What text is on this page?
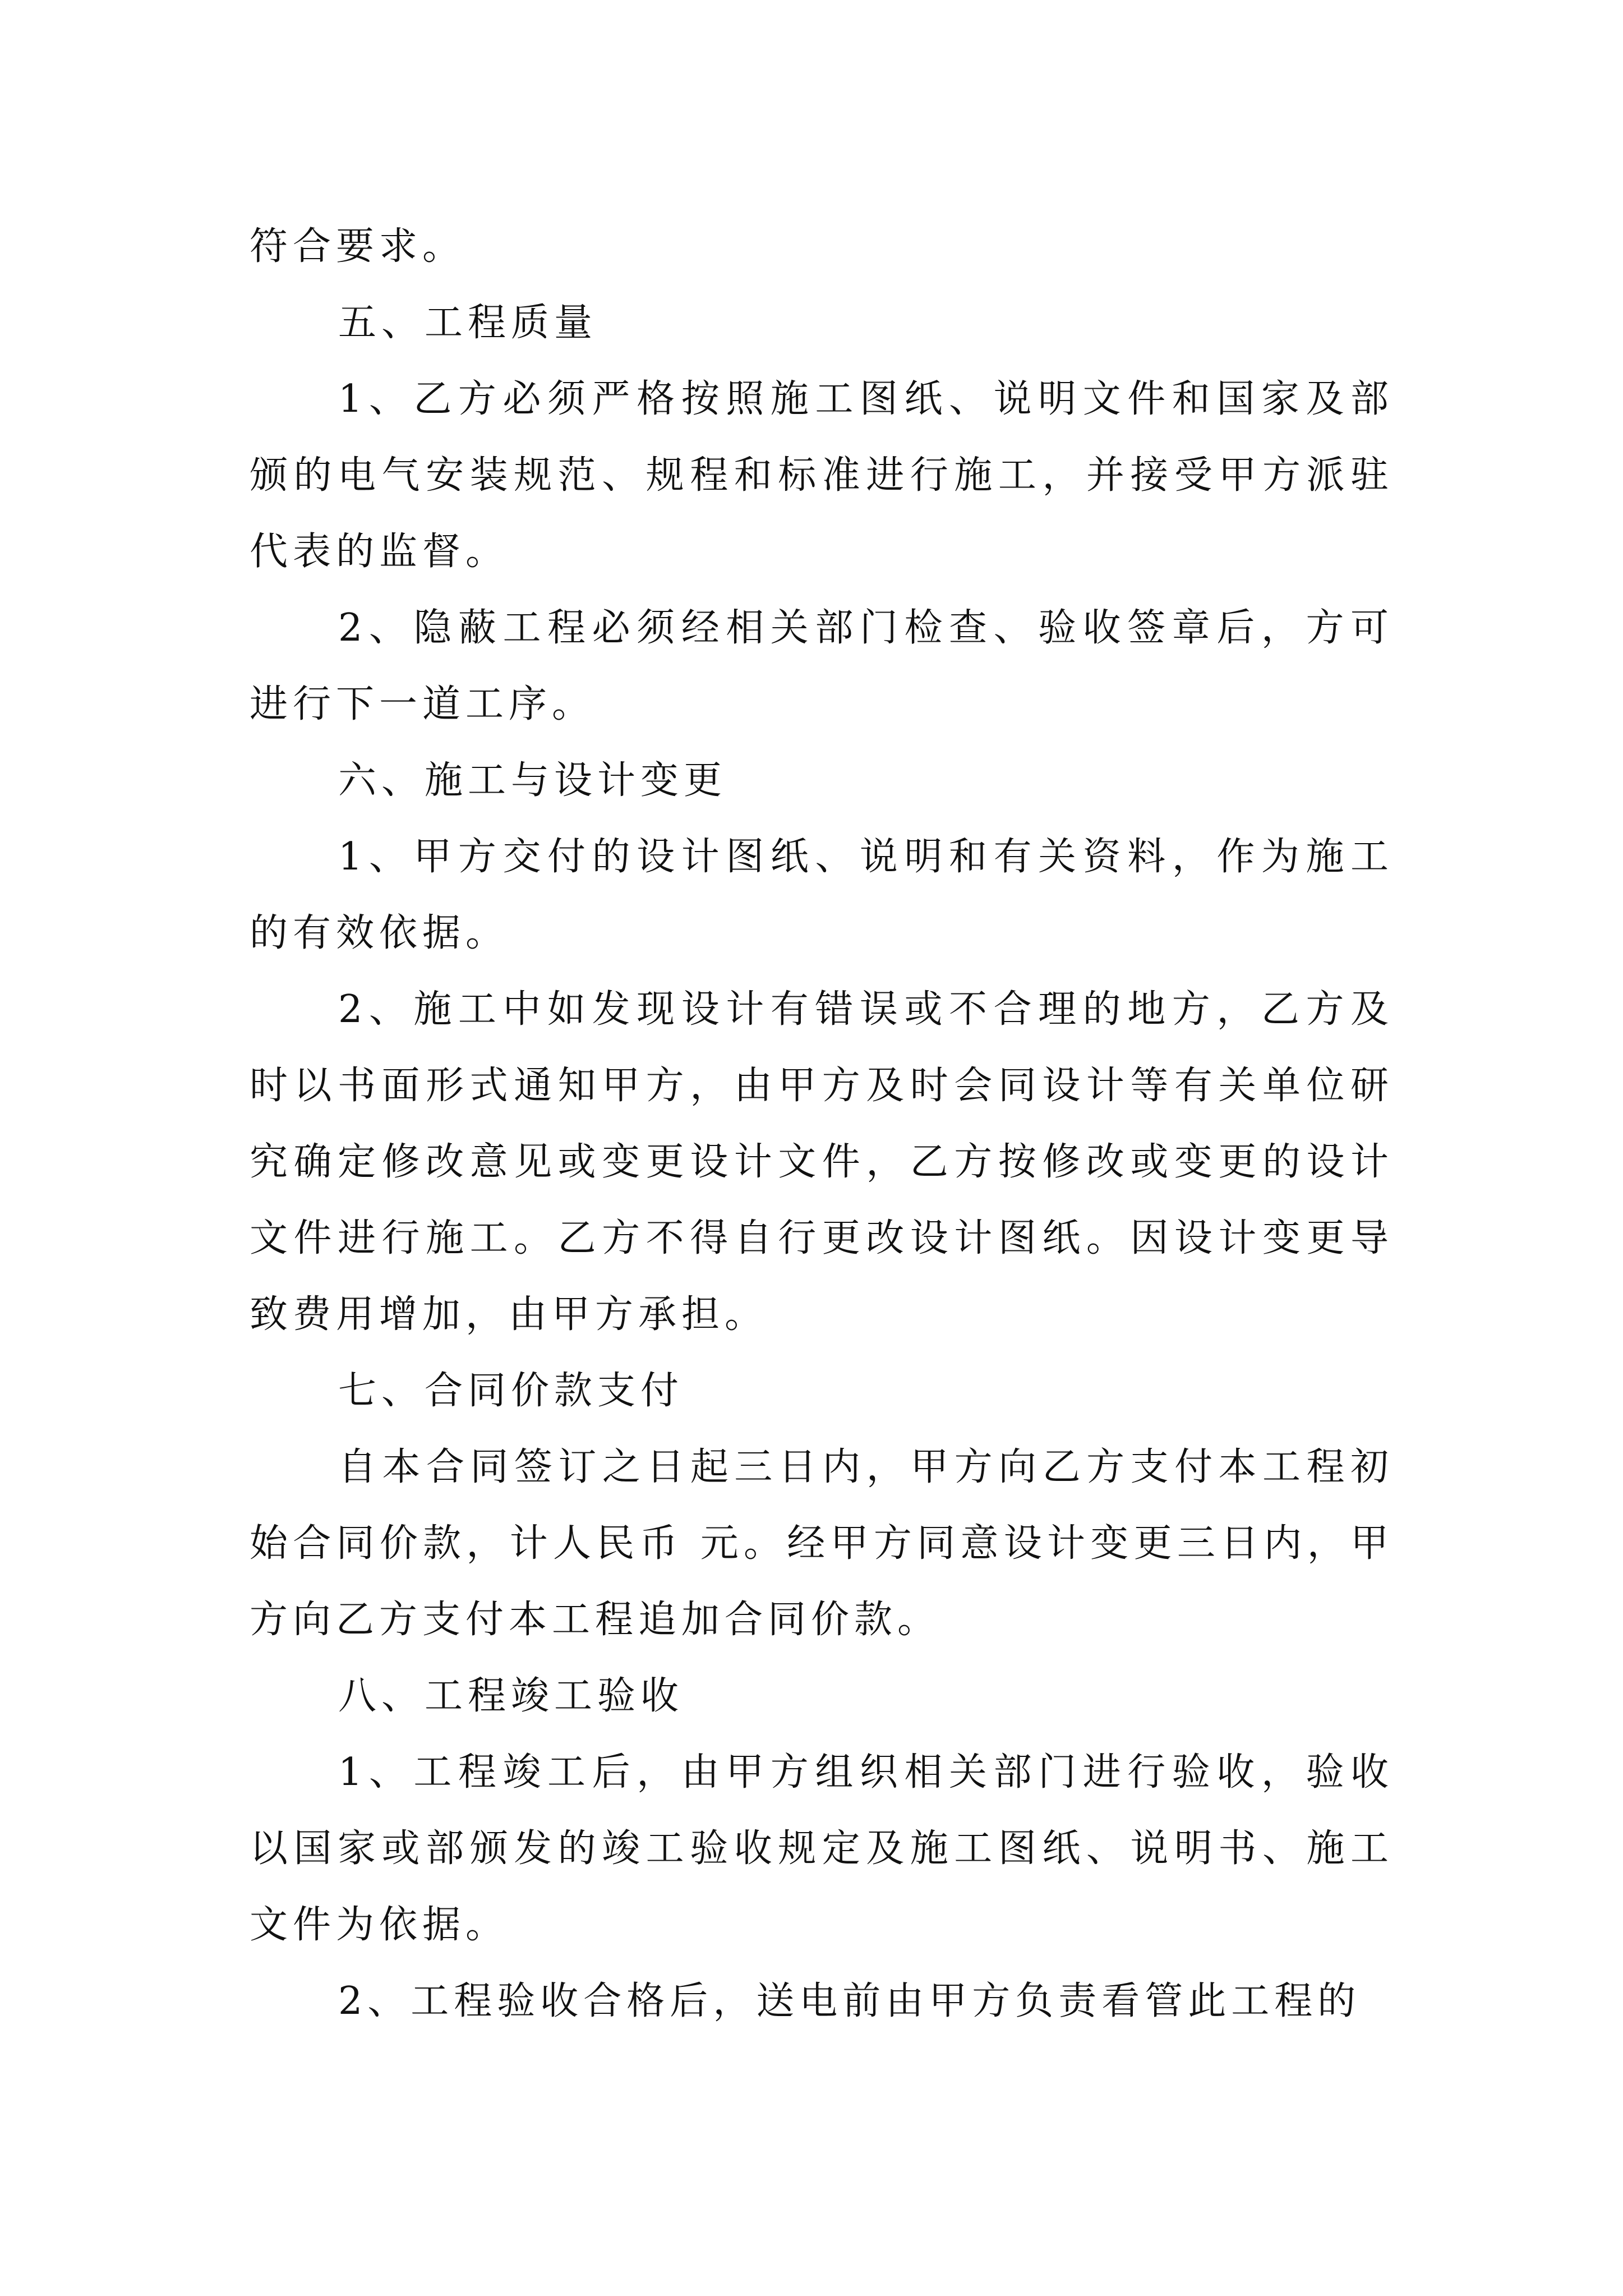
符合要求。

五、工程质量

1、乙方必须严格按照施工图纸、说明文件和国家及部颁的电气安装规范、规程和标准进行施工，并接受甲方派驻代表的监督。

2、隐蔽工程必须经相关部门检查、验收签章后，方可进行下一道工序。

六、施工与设计变更

1、甲方交付的设计图纸、说明和有关资料，作为施工的有效依据。

2、施工中如发现设计有错误或不合理的地方，乙方及时以书面形式通知甲方，由甲方及时会同设计等有关单位研究确定修改意见或变更设计文件，乙方按修改或变更的设计文件进行施工。乙方不得自行更改设计图纸。因设计变更导致费用增加，由甲方承担。

七、合同价款支付

自本合同签订之日起三日内，甲方向乙方支付本工程初始合同价款，计人民币 元。经甲方同意设计变更三日内，甲方向乙方支付本工程追加合同价款。

八、工程竣工验收

1、工程竣工后，由甲方组织相关部门进行验收，验收以国家或部颁发的竣工验收规定及施工图纸、说明书、施工文件为依据。

2、工程验收合格后，送电前由甲方负责看管此工程的
